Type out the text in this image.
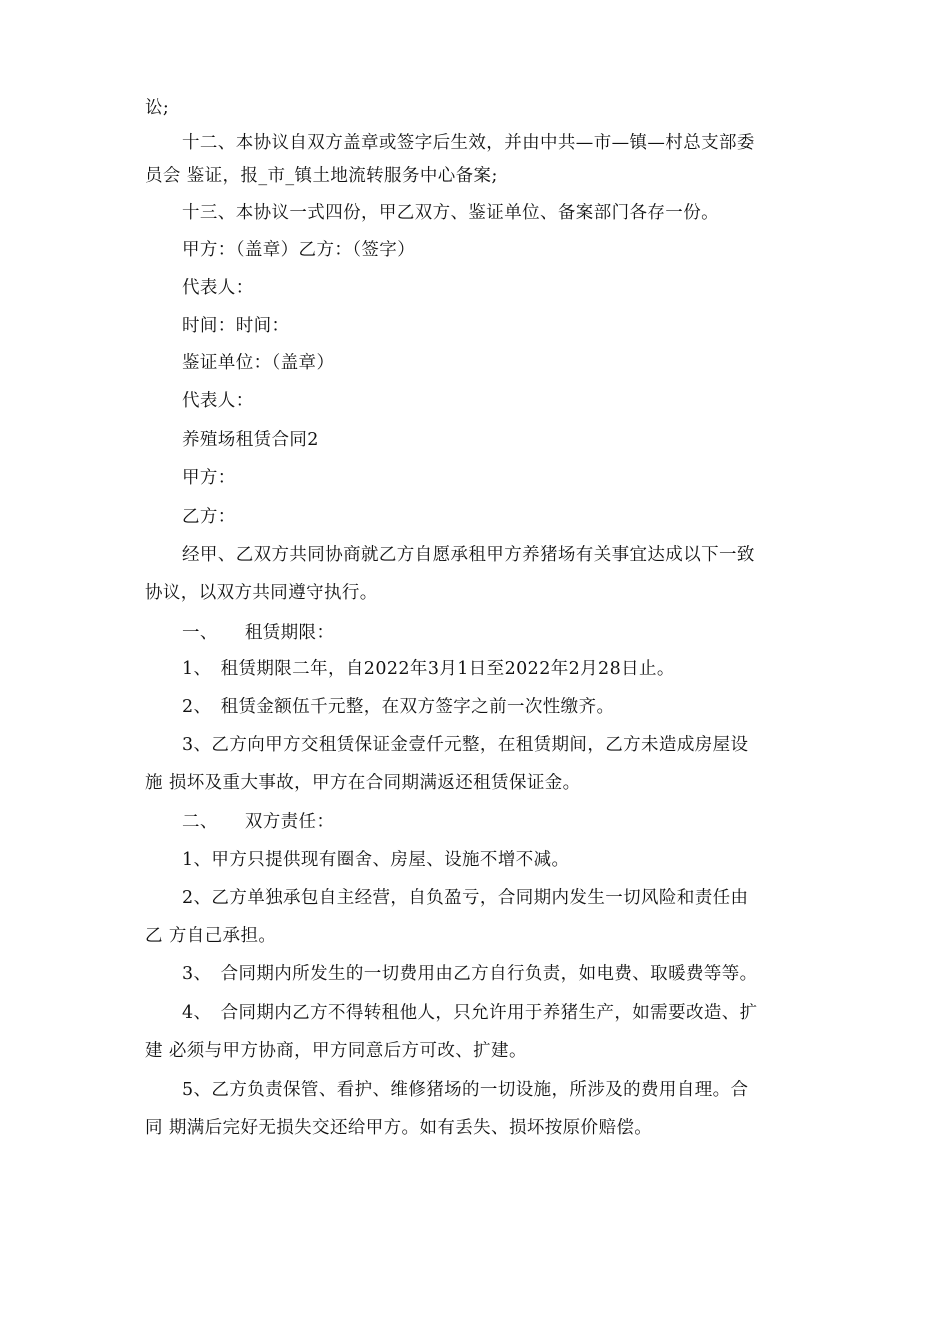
讼;

十二、本协议自双方盖章或签字后生效，并由中共—市—镇—村总支部委

员会 鉴证，报_市_镇土地流转服务中心备案;

十三、本协议一式四份，甲乙双方、鉴证单位、备案部门各存一份。

甲方：（盖章）乙方：（签字）

代表人：

时间：时间：

鉴证单位：（盖章）

代表人：

养殖场租赁合同2

甲方：

乙方：

经甲、乙双方共同协商就乙方自愿承租甲方养猪场有关事宜达成以下一致

协议，以双方共同遵守执行。

一、　　租赁期限：

1、　租赁期限二年，自2022年3月1日至2022年2月28日止。

2、　租赁金额伍千元整，在双方签字之前一次性缴齐。

3、乙方向甲方交租赁保证金壹仟元整，在租赁期间，乙方未造成房屋设

施 损坏及重大事故，甲方在合同期满返还租赁保证金。

二、　　双方责任：

1、甲方只提供现有圈舍、房屋、设施不增不减。

2、乙方单独承包自主经营，自负盈亏，合同期内发生一切风险和责任由

乙 方自己承担。

3、　合同期内所发生的一切费用由乙方自行负责，如电费、取暖费等等。

4、　合同期内乙方不得转租他人，只允许用于养猪生产，如需要改造、扩

建 必须与甲方协商，甲方同意后方可改、扩建。

5、乙方负责保管、看护、维修猪场的一切设施，所涉及的费用自理。合

同 期满后完好无损失交还给甲方。如有丢失、损坏按原价赔偿。
